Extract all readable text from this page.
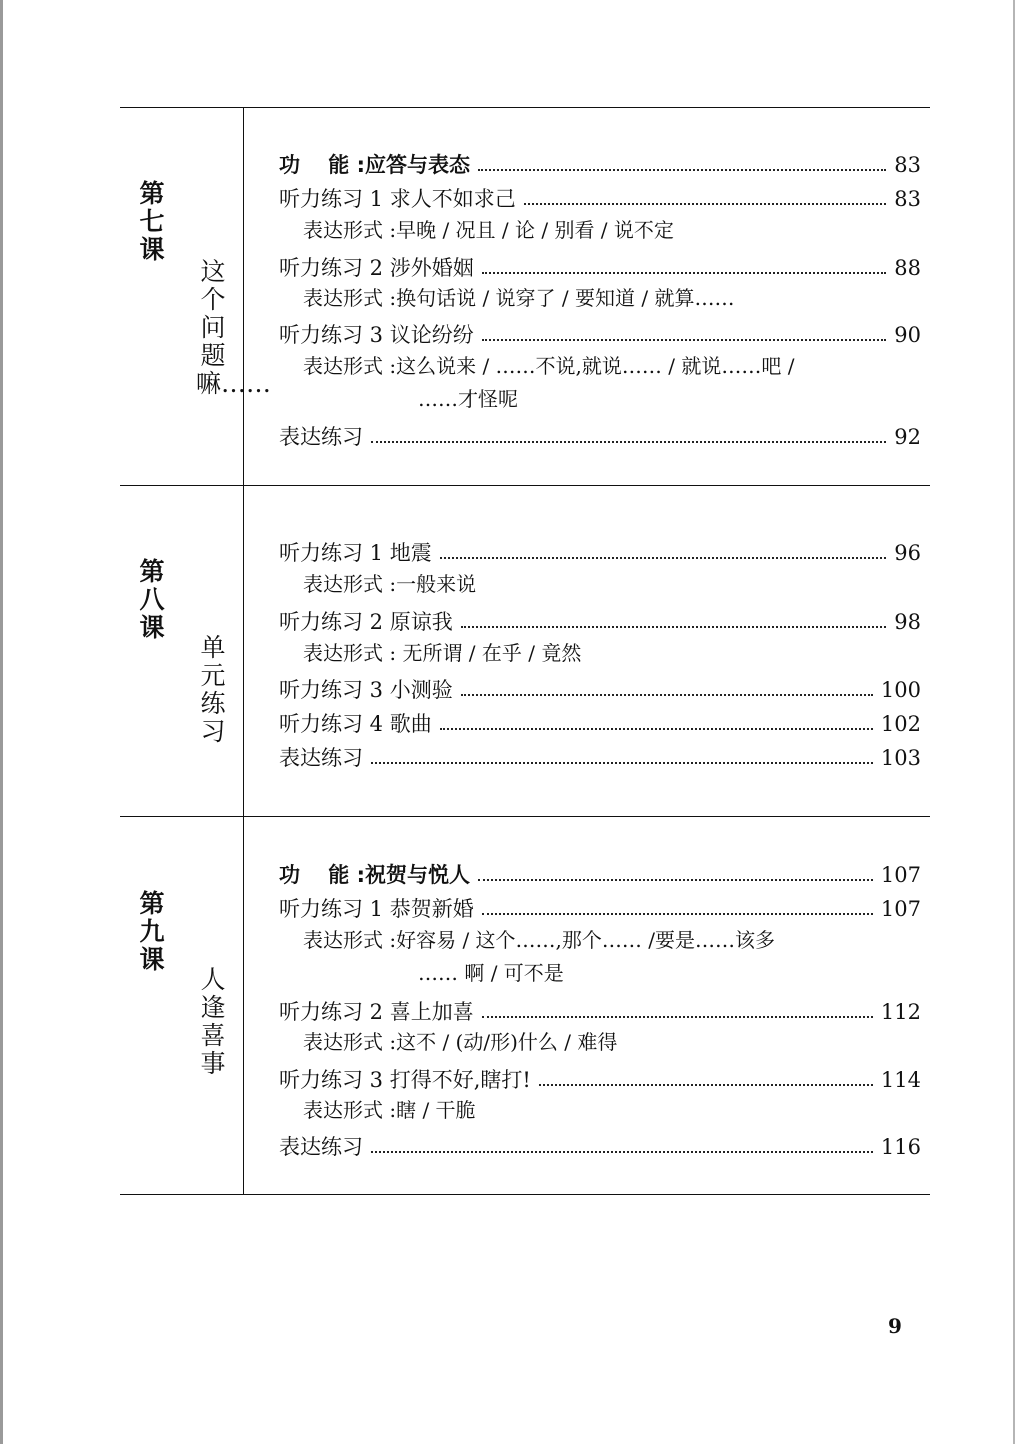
第七课
这个问题嘛……
功　 能 :应答与表态	83
听力练习 1 求人不如求己	83
表达形式 :早晚 / 况且 / 论 / 别看 / 说不定
听力练习 2 涉外婚姻	88
表达形式 :换句话说 / 说穿了 / 要知道 / 就算……
听力练习 3 议论纷纷	90
表达形式 :这么说来 / ……不说,就说…… / 就说……吧 /
……才怪呢
表达练习	92
第八课
单元练习
听力练习 1 地震	96
表达形式 :一般来说
听力练习 2 原谅我	98
表达形式 : 无所谓 / 在乎 / 竟然
听力练习 3 小测验	100
听力练习 4 歌曲	102
表达练习	103
第九课
人逢喜事
功　 能 :祝贺与悦人	107
听力练习 1 恭贺新婚	107
表达形式 :好容易 / 这个……,那个…… /要是……该多
…… 啊 / 可不是
听力练习 2 喜上加喜	112
表达形式 :这不 / (动/形)什么 / 难得
听力练习 3 打得不好,瞎打!	114
表达形式 :瞎 / 干脆
表达练习	116
9
